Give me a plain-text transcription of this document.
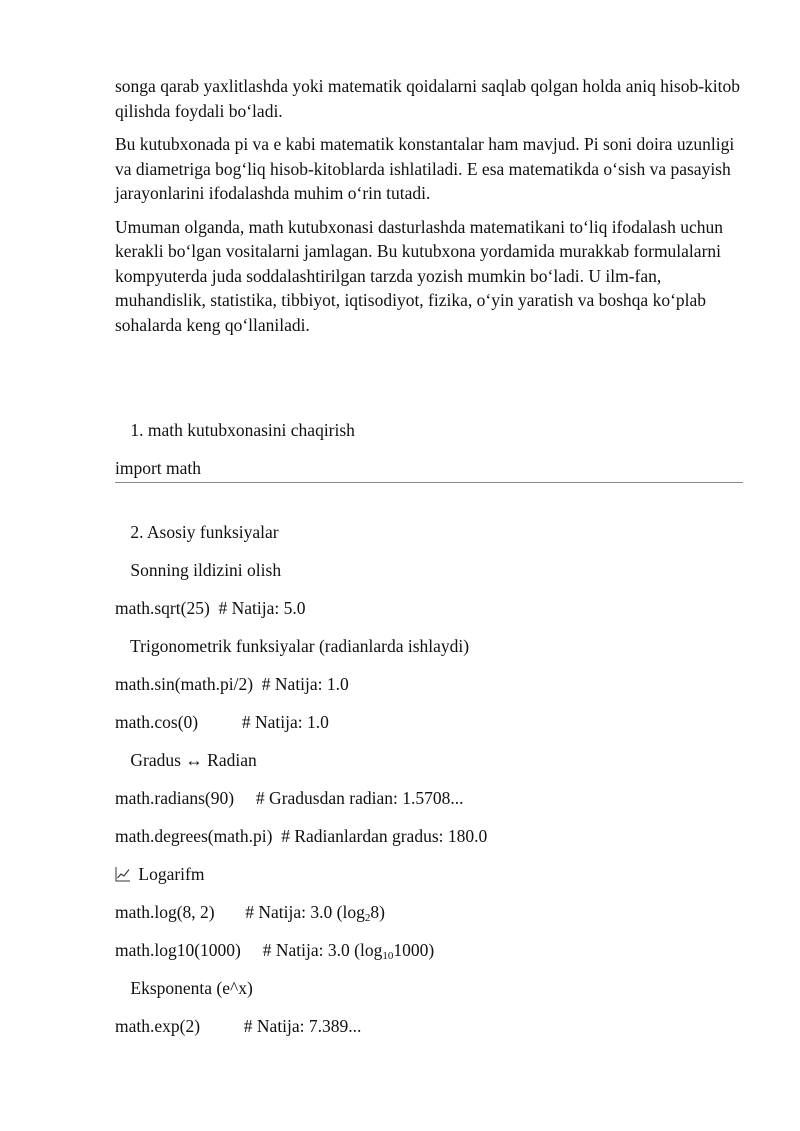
songa qarab yaxlitlashda yoki matematik qoidalarni saqlab qolgan holda aniq hisob-kitob qilishda foydali bo‘ladi.

Bu kutubxonada pi va e kabi matematik konstantalar ham mavjud. Pi soni doira uzunligi va diametriga bog‘liq hisob-kitoblarda ishlatiladi. E esa matematikda o‘sish va pasayish jarayonlarini ifodalashda muhim o‘rin tutadi.

Umuman olganda, math kutubxonasi dasturlashda matematikani to‘liq ifodalash uchun kerakli bo‘lgan vositalarni jamlagan. Bu kutubxona yordamida murakkab formulalarni kompyuterda juda soddalashtirilgan tarzda yozish mumkin bo‘ladi. U ilm-fan, muhandislik, statistika, tibbiyot, iqtisodiyot, fizika, o‘yin yaratish va boshqa ko‘plab sohalarda keng qo‘llaniladi.

1. math kutubxonasini chaqirish

import math

2. Asosiy funksiyalar

Sonning ildizini olish

math.sqrt(25)  # Natija: 5.0

Trigonometrik funksiyalar (radianlarda ishlaydi)

math.sin(math.pi/2)  # Natija: 1.0

math.cos(0)          # Natija: 1.0

Gradus ↔ Radian

math.radians(90)     # Gradusdan radian: 1.5708...

math.degrees(math.pi)  # Radianlardan gradus: 180.0

Logarifm

math.log(8, 2)       # Natija: 3.0 $(\log_28)$

math.log10(1000)     # Natija: 3.0 $(\log_{10}1000)$

Eksponenta (e^x)

math.exp(2)          # Natija: 7.389...
